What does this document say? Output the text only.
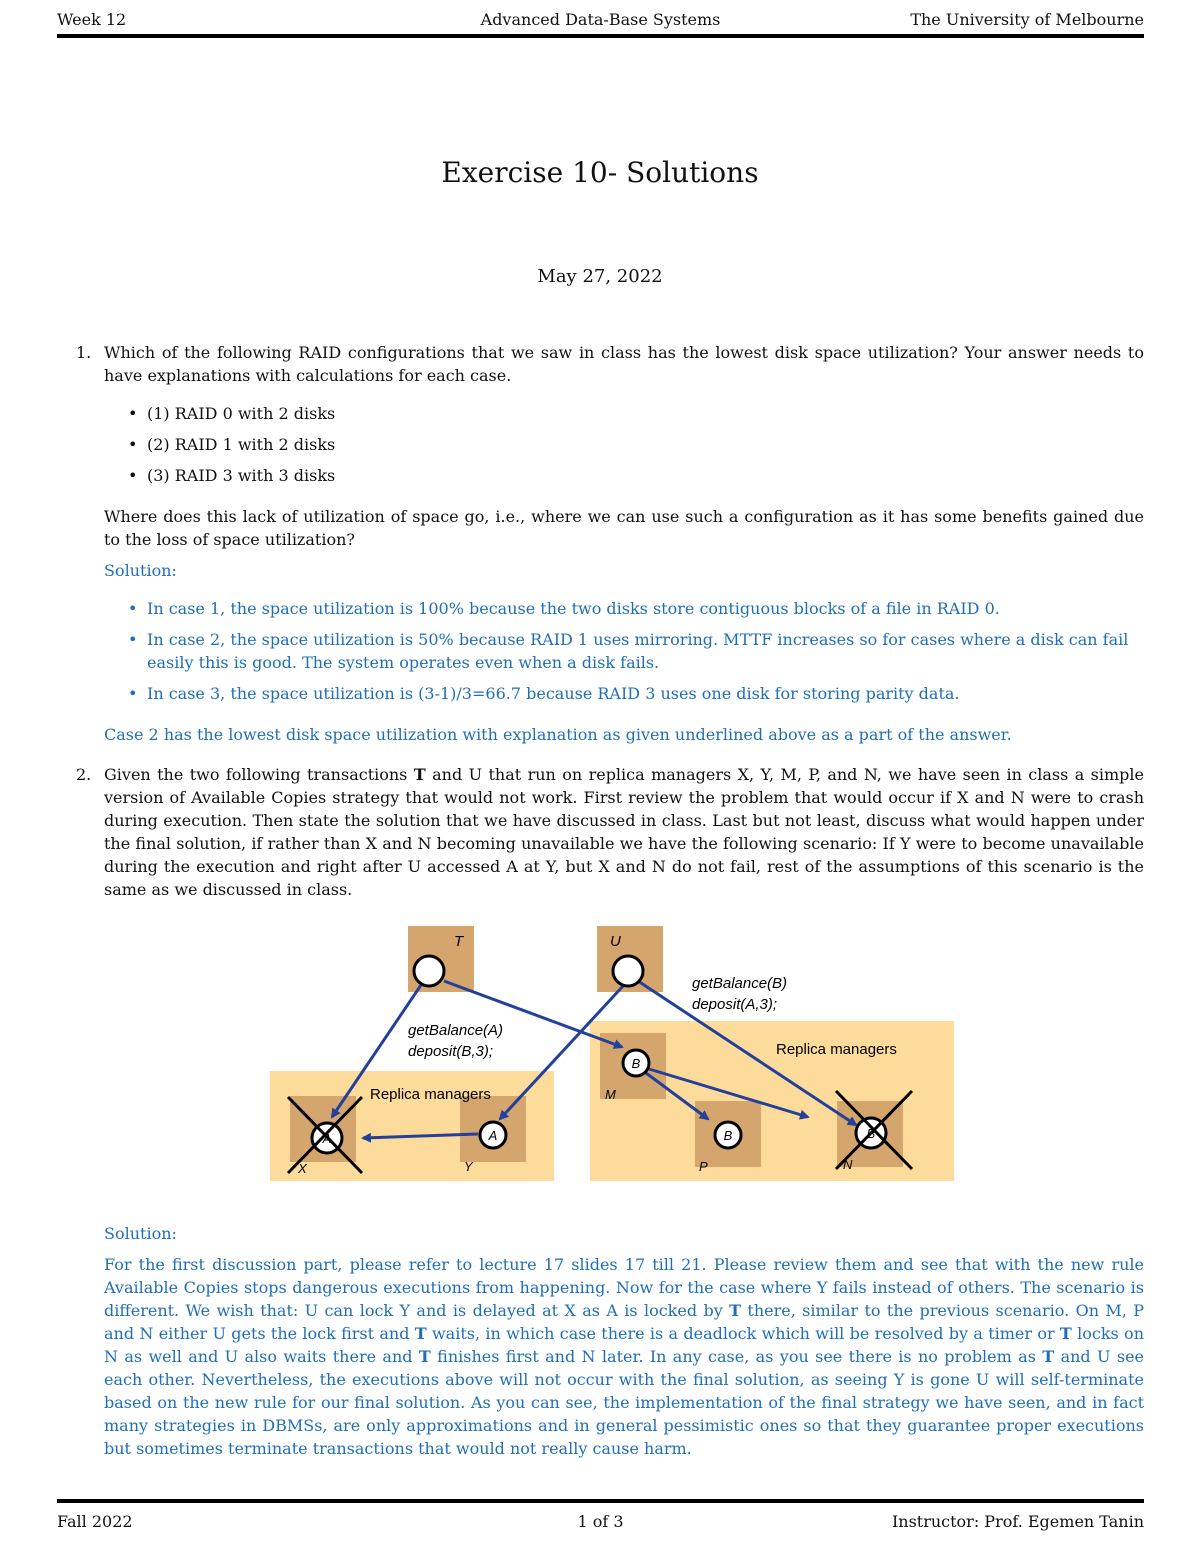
Week 12	Advanced Data-Base Systems	The University of Melbourne
Exercise 10- Solutions
May 27, 2022
1. Which of the following RAID configurations that we saw in class has the lowest disk space utilization? Your answer needs to have explanations with calculations for each case.
• (1) RAID 0 with 2 disks
• (2) RAID 1 with 2 disks
• (3) RAID 3 with 3 disks
Where does this lack of utilization of space go, i.e., where we can use such a configuration as it has some benefits gained due to the loss of space utilization?
Solution:
• In case 1, the space utilization is 100% because the two disks store contiguous blocks of a file in RAID 0.
• In case 2, the space utilization is 50% because RAID 1 uses mirroring. MTTF increases so for cases where a disk can fail easily this is good. The system operates even when a disk fails.
• In case 3, the space utilization is (3-1)/3=66.7 because RAID 3 uses one disk for storing parity data.
Case 2 has the lowest disk space utilization with explanation as given underlined above as a part of the answer.
2. Given the two following transactions T and U that run on replica managers X, Y, M, P, and N, we have seen in class a simple version of Available Copies strategy that would not work. First review the problem that would occur if X and N were to crash during execution. Then state the solution that we have discussed in class. Last but not least, discuss what would happen under the final solution, if rather than X and N becoming unavailable we have the following scenario: If Y were to become unavailable during the execution and right after U accessed A at Y, but X and N do not fail, rest of the assumptions of this scenario is the same as we discussed in class.
T	U
getBalance(A)
deposit(B,3);
getBalance(B)
deposit(A,3);
Replica managers
Replica managers
X	Y
M
P	N
A	A
B
B	B
Solution:
For the first discussion part, please refer to lecture 17 slides 17 till 21. Please review them and see that with the new rule Available Copies stops dangerous executions from happening. Now for the case where Y fails instead of others. The scenario is different. We wish that: U can lock Y and is delayed at X as A is locked by T there, similar to the previous scenario. On M, P and N either U gets the lock first and T waits, in which case there is a deadlock which will be resolved by a timer or T locks on N as well and U also waits there and T finishes first and N later. In any case, as you see there is no problem as T and U see each other. Nevertheless, the executions above will not occur with the final solution, as seeing Y is gone U will self-terminate based on the new rule for our final solution. As you can see, the implementation of the final strategy we have seen, and in fact many strategies in DBMSs, are only approximations and in general pessimistic ones so that they guarantee proper executions but sometimes terminate transactions that would not really cause harm.
Fall 2022	1 of 3	Instructor: Prof. Egemen Tanin
